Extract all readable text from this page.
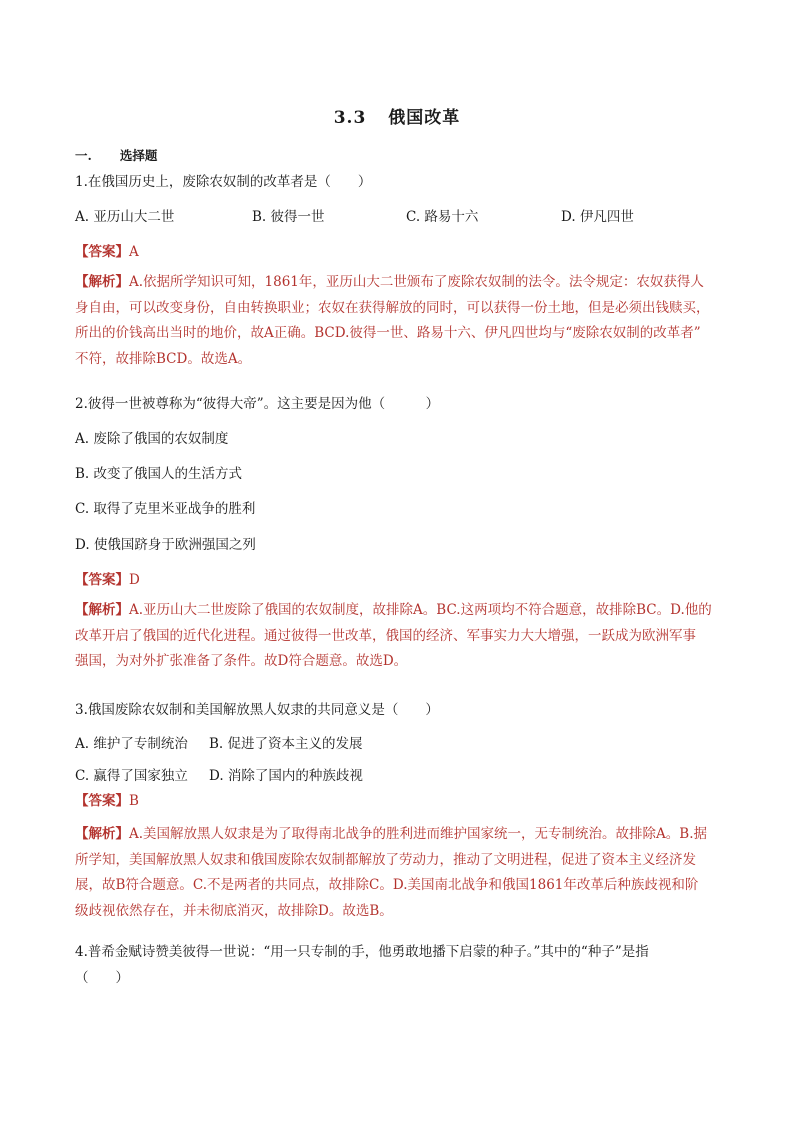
3.3 俄国改革
一. 选择题
1.在俄国历史上，废除农奴制的改革者是（　　）
A. 亚历山大二世	B. 彼得一世	C. 路易十六	D. 伊凡四世
【答案】A
【解析】A.依据所学知识可知，1861年，亚历山大二世颁布了废除农奴制的法令。法令规定：农奴获得人
身自由，可以改变身份，自由转换职业；农奴在获得解放的同时，可以获得一份土地，但是必须出钱赎买，
所出的价钱高出当时的地价，故A正确。BCD.彼得一世、路易十六、伊凡四世均与“废除农奴制的改革者”
不符，故排除BCD。故选A。
2.彼得一世被尊称为“彼得大帝”。这主要是因为他（　　　）
A. 废除了俄国的农奴制度
B. 改变了俄国人的生活方式
C. 取得了克里米亚战争的胜利
D. 使俄国跻身于欧洲强国之列
【答案】D
【解析】A.亚历山大二世废除了俄国的农奴制度，故排除A。BC.这两项均不符合题意，故排除BC。D.他的
改革开启了俄国的近代化进程。通过彼得一世改革，俄国的经济、军事实力大大增强，一跃成为欧洲军事
强国，为对外扩张准备了条件。故D符合题意。故选D。
3.俄国废除农奴制和美国解放黑人奴隶的共同意义是（　　）
A. 维护了专制统治 B. 促进了资本主义的发展
C. 赢得了国家独立 D. 消除了国内的种族歧视
【答案】B
【解析】A.美国解放黑人奴隶是为了取得南北战争的胜利进而维护国家统一，无专制统治。故排除A。B.据
所学知，美国解放黑人奴隶和俄国废除农奴制都解放了劳动力，推动了文明进程，促进了资本主义经济发
展，故B符合题意。C.不是两者的共同点，故排除C。D.美国南北战争和俄国1861年改革后种族歧视和阶
级歧视依然存在，并未彻底消灭，故排除D。故选B。
4.普希金赋诗赞美彼得一世说：“用一只专制的手，他勇敢地播下启蒙的种子。”其中的“种子”是指
（　　）
